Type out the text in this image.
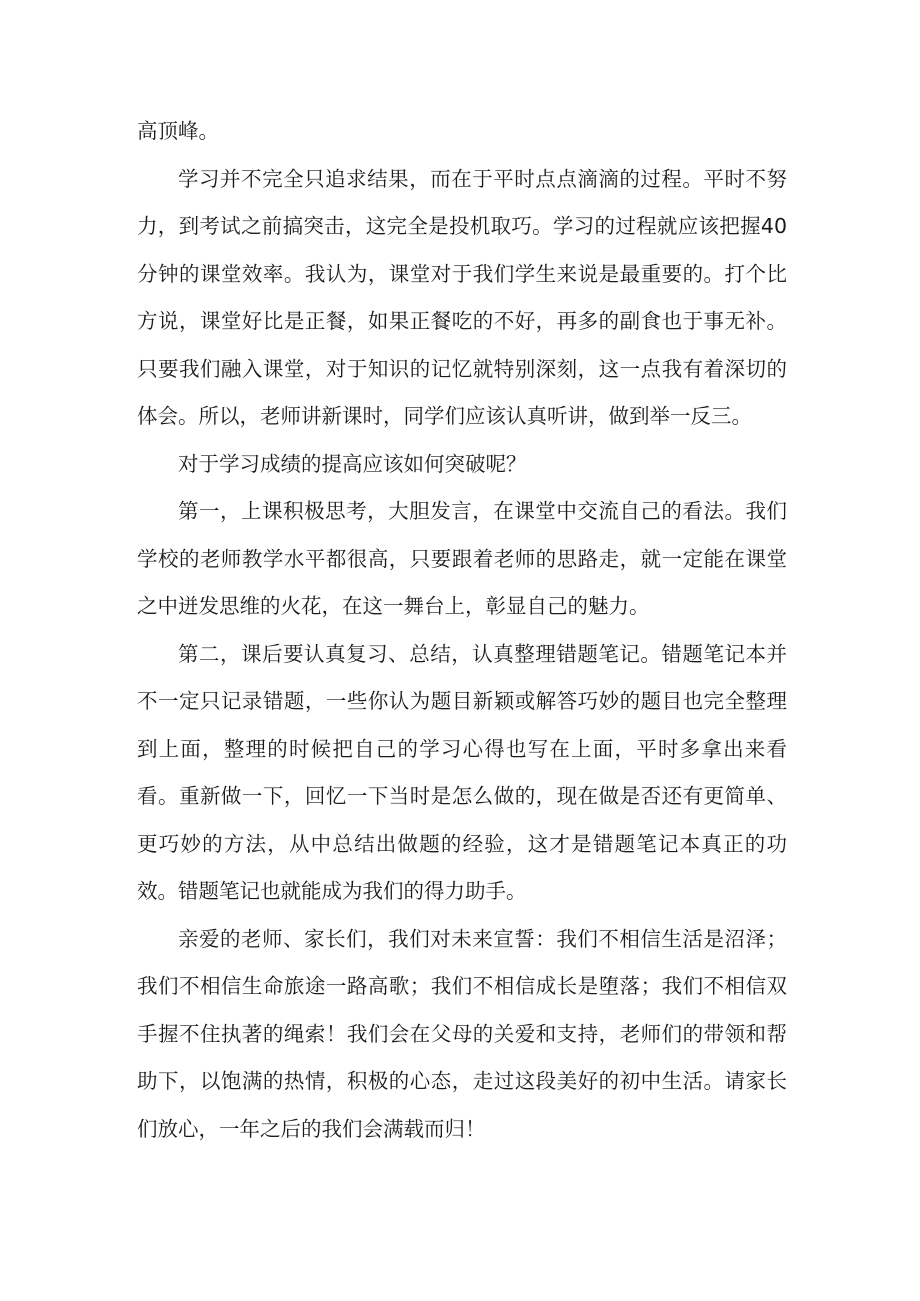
高顶峰。

学习并不完全只追求结果，而在于平时点点滴滴的过程。平时不努力，到考试之前搞突击，这完全是投机取巧。学习的过程就应该把握40分钟的课堂效率。我认为，课堂对于我们学生来说是最重要的。打个比方说，课堂好比是正餐，如果正餐吃的不好，再多的副食也于事无补。只要我们融入课堂，对于知识的记忆就特别深刻，这一点我有着深切的体会。所以，老师讲新课时，同学们应该认真听讲，做到举一反三。

对于学习成绩的提高应该如何突破呢？

第一，上课积极思考，大胆发言，在课堂中交流自己的看法。我们学校的老师教学水平都很高，只要跟着老师的思路走，就一定能在课堂之中迸发思维的火花，在这一舞台上，彰显自己的魅力。

第二，课后要认真复习、总结，认真整理错题笔记。错题笔记本并不一定只记录错题，一些你认为题目新颖或解答巧妙的题目也完全整理到上面，整理的时候把自己的学习心得也写在上面，平时多拿出来看看。重新做一下，回忆一下当时是怎么做的，现在做是否还有更简单、更巧妙的方法，从中总结出做题的经验，这才是错题笔记本真正的功效。错题笔记也就能成为我们的得力助手。

亲爱的老师、家长们，我们对未来宣誓：我们不相信生活是沼泽；我们不相信生命旅途一路高歌；我们不相信成长是堕落；我们不相信双手握不住执著的绳索！我们会在父母的关爱和支持，老师们的带领和帮助下，以饱满的热情，积极的心态，走过这段美好的初中生活。请家长们放心，一年之后的我们会满载而归！
